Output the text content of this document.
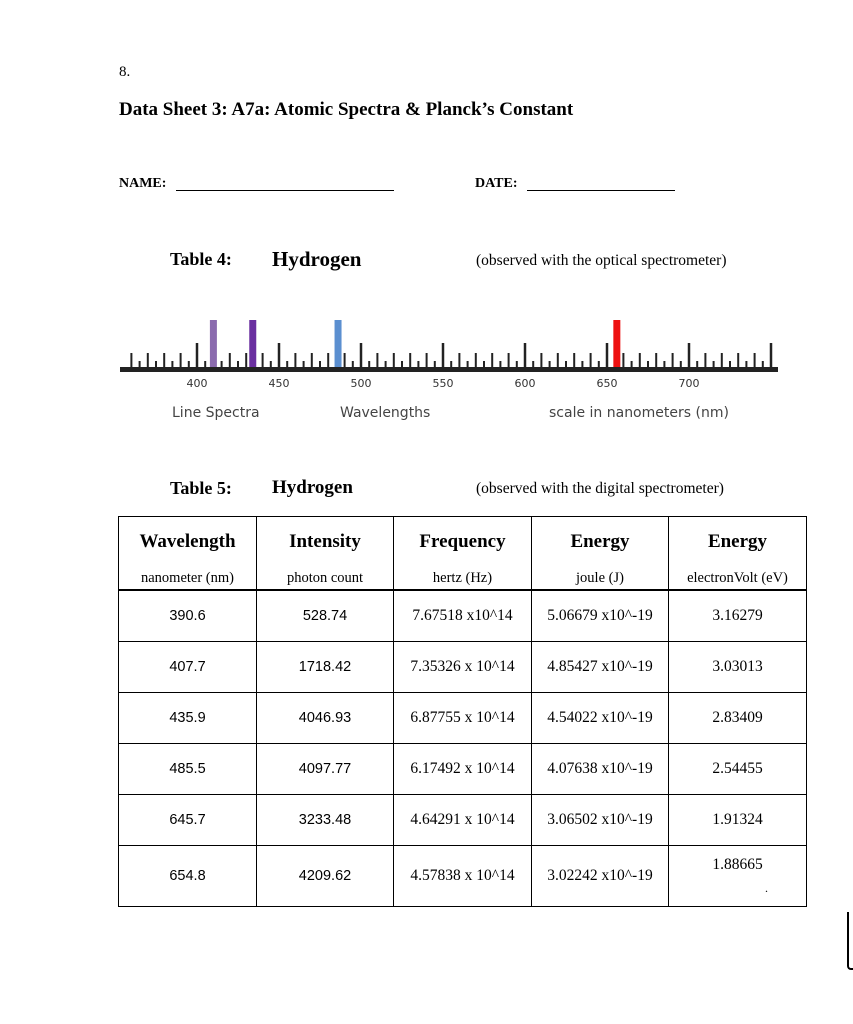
8.
Data Sheet 3: A7a: Atomic Spectra & Planck’s Constant
NAME:	DATE:
Table 4: Hydrogen	(observed with the optical spectrometer)
400	450	500	550	600	650	700
Line Spectra	Wavelengths	scale in nanometers (nm)
Table 5: Hydrogen	(observed with the digital spectrometer)
Wavelength	Intensity	Frequency	Energy	Energy
nanometer (nm)	photon count	hertz (Hz)	joule (J)	electronVolt (eV)
390.6	528.74	7.67518 x10^14	5.06679 x10^-19	3.16279
407.7	1718.42	7.35326 x 10^14	4.85427 x10^-19	3.03013
435.9	4046.93	6.87755 x 10^14	4.54022 x10^-19	2.83409
485.5	4097.77	6.17492 x 10^14	4.07638 x10^-19	2.54455
645.7	3233.48	4.64291 x 10^14	3.06502 x10^-19	1.91324
654.8	4209.62	4.57838 x 10^14	3.02242 x10^-19	1.88665
.
